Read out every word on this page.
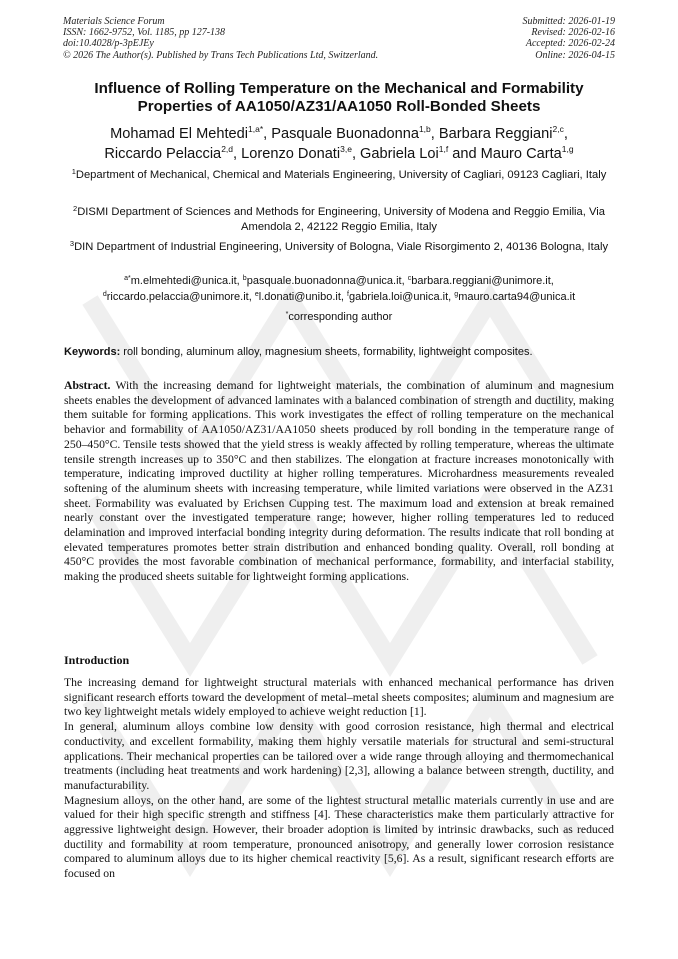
Materials Science Forum
ISSN: 1662-9752, Vol. 1185, pp 127-138
doi:10.4028/p-3pEJEy
© 2026 The Author(s). Published by Trans Tech Publications Ltd, Switzerland.
Submitted: 2026-01-19
Revised: 2026-02-16
Accepted: 2026-02-24
Online: 2026-04-15
Influence of Rolling Temperature on the Mechanical and Formability
Properties of AA1050/AZ31/AA1050 Roll-Bonded Sheets
Mohamad El Mehtedi$^{1,a*}$, Pasquale Buonadonna$^{1,b}$, Barbara Reggiani$^{2,c}$,
Riccardo Pelaccia$^{2,d}$, Lorenzo Donati$^{3,e}$, Gabriela Loi$^{1,f}$ and Mauro Carta$^{1,g}$
$^1$Department of Mechanical, Chemical and Materials Engineering, University of Cagliari, 09123 Cagliari, Italy
$^2$DISMI Department of Sciences and Methods for Engineering, University of Modena and Reggio Emilia, Via Amendola 2, 42122 Reggio Emilia, Italy
$^3$DIN Department of Industrial Engineering, University of Bologna, Viale Risorgimento 2, 40136 Bologna, Italy
$^{a*}$m.elmehtedi@unica.it, $^b$pasquale.buonadonna@unica.it, $^c$barbara.reggiani@unimore.it,
$^d$riccardo.pelaccia@unimore.it, $^e$l.donati@unibo.it, $^f$gabriela.loi@unica.it, $^g$mauro.carta94@unica.it
*corresponding author
Keywords: roll bonding, aluminum alloy, magnesium sheets, formability, lightweight composites.
Abstract. With the increasing demand for lightweight materials, the combination of aluminum and magnesium sheets enables the development of advanced laminates with a balanced combination of strength and ductility, making them suitable for forming applications. This work investigates the effect of rolling temperature on the mechanical behavior and formability of AA1050/AZ31/AA1050 sheets produced by roll bonding in the temperature range of 250–450°C. Tensile tests showed that the yield stress is weakly affected by rolling temperature, whereas the ultimate tensile strength increases up to 350°C and then stabilizes. The elongation at fracture increases monotonically with temperature, indicating improved ductility at higher rolling temperatures. Microhardness measurements revealed softening of the aluminum sheets with increasing temperature, while limited variations were observed in the AZ31 sheet. Formability was evaluated by Erichsen Cupping test. The maximum load and extension at break remained nearly constant over the investigated temperature range; however, higher rolling temperatures led to reduced delamination and improved interfacial bonding integrity during deformation. The results indicate that roll bonding at elevated temperatures promotes better strain distribution and enhanced bonding quality. Overall, roll bonding at 450°C provides the most favorable combination of mechanical performance, formability, and interfacial stability, making the produced sheets suitable for lightweight forming applications.
Introduction

The increasing demand for lightweight structural materials with enhanced mechanical performance has driven significant research efforts toward the development of metal–metal sheets composites; aluminum and magnesium are two key lightweight metals widely employed to achieve weight reduction [1].

In general, aluminum alloys combine low density with good corrosion resistance, high thermal and electrical conductivity, and excellent formability, making them highly versatile materials for structural and semi-structural applications. Their mechanical properties can be tailored over a wide range through alloying and thermomechanical treatments (including heat treatments and work hardening) [2,3], allowing a balance between strength, ductility, and manufacturability.

Magnesium alloys, on the other hand, are some of the lightest structural metallic materials currently in use and are valued for their high specific strength and stiffness [4]. These characteristics make them particularly attractive for aggressive lightweight design. However, their broader adoption is limited by intrinsic drawbacks, such as reduced ductility and formability at room temperature, pronounced anisotropy, and generally lower corrosion resistance compared to aluminum alloys due to its higher chemical reactivity [5,6]. As a result, significant research efforts are focused on
